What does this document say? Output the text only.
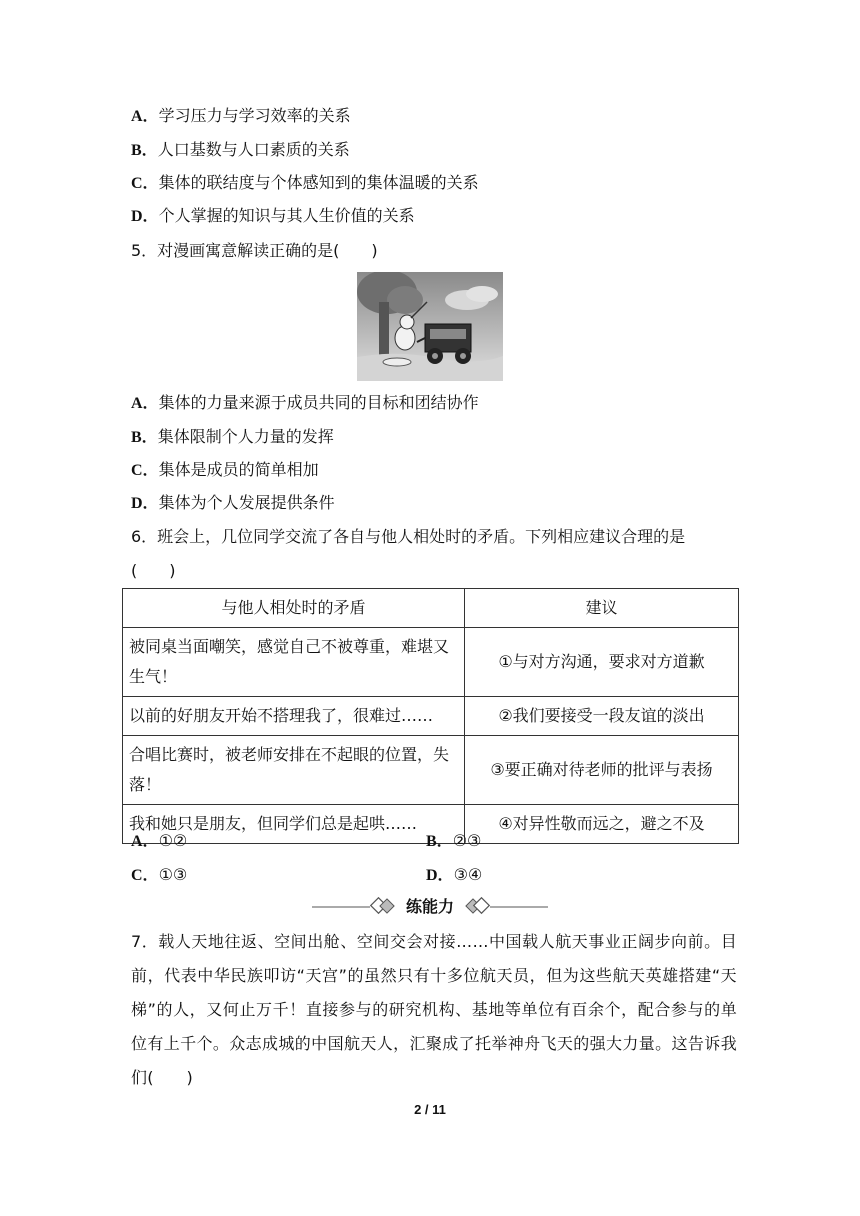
A．学习压力与学习效率的关系
B．人口基数与人口素质的关系
C．集体的联结度与个体感知到的集体温暖的关系
D．个人掌握的知识与其人生价值的关系
5．对漫画寓意解读正确的是(　　)
A．集体的力量来源于成员共同的目标和团结协作
B．集体限制个人力量的发挥
C．集体是成员的简单相加
D．集体为个人发展提供条件
6．班会上，几位同学交流了各自与他人相处时的矛盾。下列相应建议合理的是
(　　)
与他人相处时的矛盾	建议
被同桌当面嘲笑，感觉自己不被尊重，难堪又生气！	①与对方沟通，要求对方道歉
以前的好朋友开始不搭理我了，很难过……	②我们要接受一段友谊的淡出
合唱比赛时，被老师安排在不起眼的位置，失落！	③要正确对待老师的批评与表扬
我和她只是朋友，但同学们总是起哄……	④对异性敬而远之，避之不及
A．①②	B．②③
C．①③	D．③④
练能力
7．载人天地往返、空间出舱、空间交会对接……中国载人航天事业正阔步向前。目前，代表中华民族叩访“天宫”的虽然只有十多位航天员，但为这些航天英雄搭建“天梯”的人，又何止万千！直接参与的研究机构、基地等单位有百余个，配合参与的单位有上千个。众志成城的中国航天人，汇聚成了托举神舟飞天的强大力量。这告诉我们(　　)
2 / 11
